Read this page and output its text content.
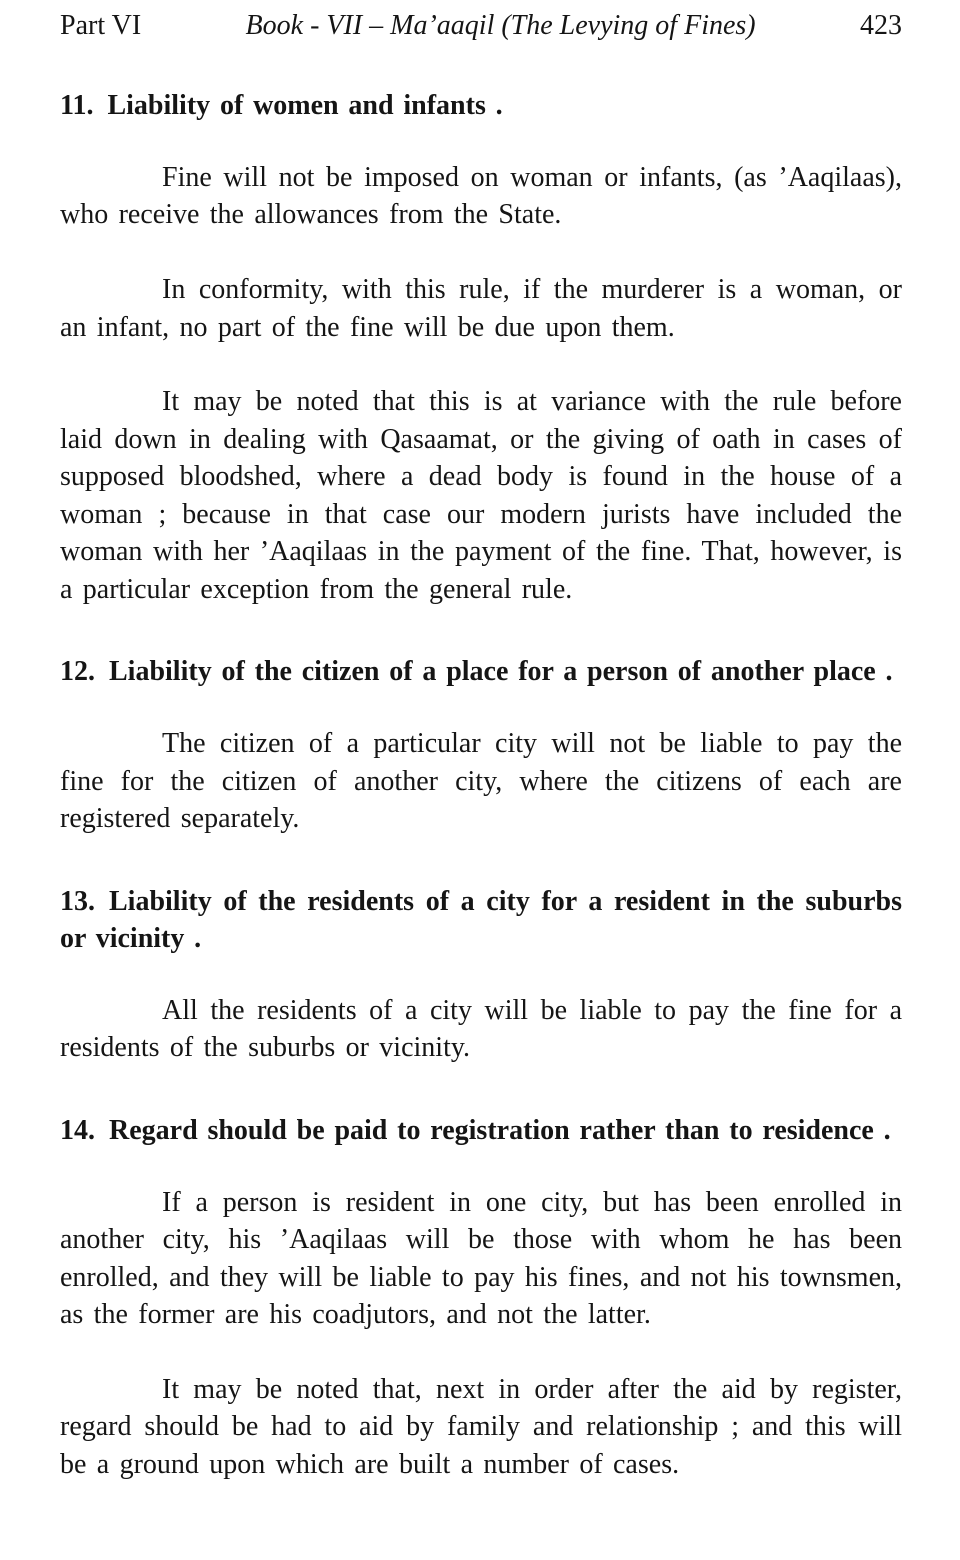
Part VI	Book - VII – Ma’aaqil (The Levying of Fines)	423
11. Liability of women and infants .

Fine will not be imposed on woman or infants, (as ’Aaqilaas), who receive the allowances from the State.

In conformity, with this rule, if the murderer is a woman, or an infant, no part of the fine will be due upon them.

It may be noted that this is at variance with the rule before laid down in dealing with Qasaamat, or the giving of oath in cases of supposed bloodshed, where a dead body is found in the house of a woman ; because in that case our modern jurists have included the woman with her ’Aaqilaas in the payment of the fine. That, however, is a particular exception from the general rule.

12. Liability of the citizen of a place for a person of another place .

The citizen of a particular city will not be liable to pay the fine for the citizen of another city, where the citizens of each are registered separately.

13. Liability of the residents of a city for a resident in the suburbs or vicinity .

All the residents of a city will be liable to pay the fine for a residents of the suburbs or vicinity.

14. Regard should be paid to registration rather than to residence .

If a person is resident in one city, but has been enrolled in another city, his ’Aaqilaas will be those with whom he has been enrolled, and they will be liable to pay his fines, and not his townsmen, as the former are his coadjutors, and not the latter.

It may be noted that, next in order after the aid by register, regard should be had to aid by family and relationship ; and this will be a ground upon which are built a number of cases.
